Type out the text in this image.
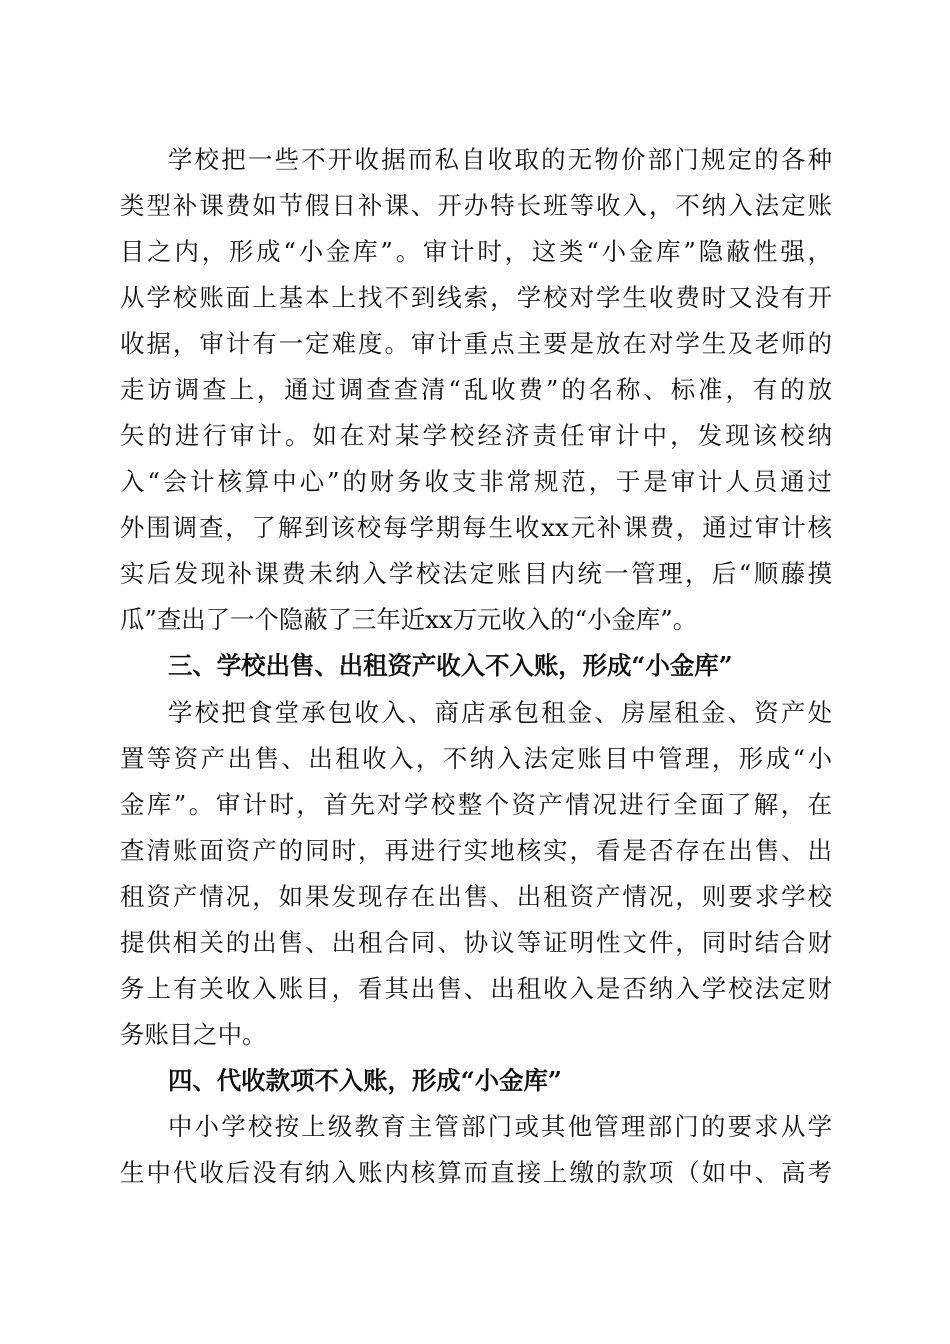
学校把一些不开收据而私自收取的无物价部门规定的各种
类型补课费如节假日补课、开办特长班等收入，不纳入法定账
目之内，形成“小金库”。审计时，这类“小金库”隐蔽性强，
从学校账面上基本上找不到线索，学校对学生收费时又没有开
收据，审计有一定难度。审计重点主要是放在对学生及老师的
走访调查上，通过调查查清“乱收费”的名称、标准，有的放
矢的进行审计。如在对某学校经济责任审计中，发现该校纳
入“会计核算中心”的财务收支非常规范，于是审计人员通过
外围调查，了解到该校每学期每生收xx元补课费，通过审计核
实后发现补课费未纳入学校法定账目内统一管理，后“顺藤摸
瓜”查出了一个隐蔽了三年近xx万元收入的“小金库”。
三、学校出售、出租资产收入不入账，形成“小金库”
学校把食堂承包收入、商店承包租金、房屋租金、资产处
置等资产出售、出租收入，不纳入法定账目中管理，形成“小
金库”。审计时，首先对学校整个资产情况进行全面了解，在
查清账面资产的同时，再进行实地核实，看是否存在出售、出
租资产情况，如果发现存在出售、出租资产情况，则要求学校
提供相关的出售、出租合同、协议等证明性文件，同时结合财
务上有关收入账目，看其出售、出租收入是否纳入学校法定财
务账目之中。
四、代收款项不入账，形成“小金库”
中小学校按上级教育主管部门或其他管理部门的要求从学
生中代收后没有纳入账内核算而直接上缴的款项（如中、高考
